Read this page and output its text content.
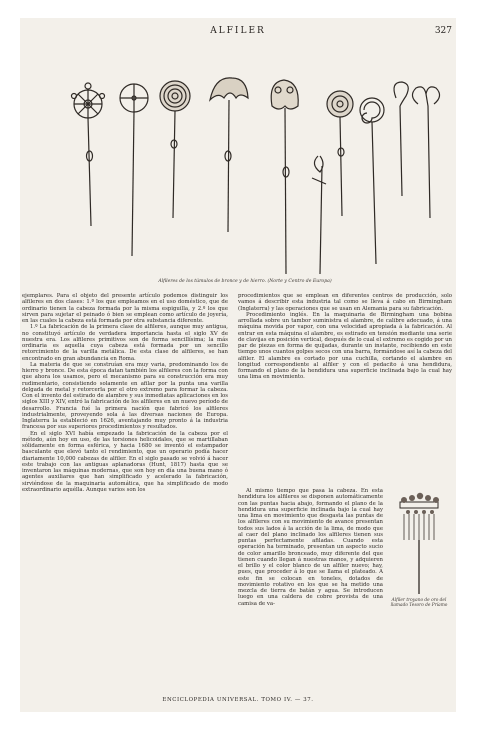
ALFILER	327
Alfileres de los túmulos de bronce y de hierro. (Norte y Centro de Europa)

ejemplares. Para el objeto del presente artículo podemos distinguir los alfileres en dos clases: 1.º los que empleamos en el uso doméstico, que de ordinario tienen la cabeza formada por la misma espiguilla, y 2.º los que sirven para sujetar el peinado ó bien se emplean como artículo de joyería, en las cuales la cabeza está formada por otra substancia diferente.

1.º La fabricación de la primera clase de alfileres, aunque muy antigua, no constituyó artículo de verdadera importancia hasta el siglo XV de nuestra era. Los alfileres primitivos son de forma sencillísima; la más ordinaria es aquella cuya cabeza está formada por un sencillo retorcimiento de la varilla metálica. De esta clase de alfileres, se han encontrado en gran abundancia en Roma.

La materia de que se construían era muy varia, predominando los de hierro y bronce. De esta época datan también los alfileres con la forma con que ahora los usamos, pero el mecanismo para su construcción era muy rudimentario, consistiendo solamente en afilar por la punta una varilla delgada de metal y retorcerla por el otro extremo para formar la cabeza. Con el invento del estirado de alambre y sus inmediatas aplicaciones en los siglos XIII y XIV, entró la fabricación de los alfileres en un nuevo período de desarrollo. Francia fué la primera nación que fabricó los alfileres industrialmente, proveyendo sola á las diversas naciones de Europa. Inglaterra la estableció en 1626, aventajando muy pronto á la industria francesa por sus superiores procedimientos y resultados.

En el siglo XVI había empezado la fabricación de la cabeza por el método, aún hoy en uso, de las torsiones helicoidales, que se martillaban sólidamente en forma esférica, y hacia 1680 se inventó el estampador basculante que elevó tanto el rendimiento, que un operario podía hacer diariamente 10,000 cabezas de alfiler. En el siglo pasado se volvió á hacer este trabajo con las antiguas aplanadoras (Hunt, 1817) hasta que se inventaron las máquinas modernas, que son hoy en día una buena mano ó agentes auxiliares que han simplificado y acelerado la fabricación, sirviéndose de la maquinaria automática, que ha simplificado de modo extraordinario aquélla. Aunque varios son los

procedimientos que se emplean en diferentes centros de producción, solo vamos á describir esta industria tal como se lleva á cabo en Birmingham (Inglaterra) y las operaciones que se usan en Alemania para su fabricación.

Procedimiento inglés. En la maquinaria de Birmingham una bobina arrollada sobre un tambor suministra el alambre, de calibre adecuado, á una máquina movida por vapor, con una velocidad apropiada á la fabricación. Al entrar en esta máquina el alambre, es estirado en tensión mediante una serie de clavijas en posición vertical, después de lo cual el extremo es cogido por un par de piezas en forma de quijadas, durante un instante, recibiendo en este tiempo unos cuantos golpes secos con una barra, formándose así la cabeza del alfiler. El alambre es cortado por una cuchilla, cortando el alambre en longitud correspondiente al alfiler y con el pedacito á una hendidura, formando el plano de la hendidura una superficie inclinada bajo la cual hay una lima en movimiento.

Al mismo tiempo que pasa la cabeza. En esta hendidura los alfileres se disponen automáticamente con las puntas hacia abajo, formando el plano de la hendidura una superficie inclinada bajo la cual hay una lima en movimiento que desgasta las puntas de los alfileres con su movimiento de avance presentan todos sus lados á la acción de la lima, de modo que al caer del plano inclinado los alfileres tienen sus puntas perfectamente afiladas. Cuando esta operación ha terminado, presentan un aspecto sucio de color amarillo bronceado, muy diferente del que tienen cuando llegan á nuestras manos, y adquieren el brillo y el color blanco de un alfiler nuevo; hay, pues, que proceder á lo que se llama el plateado. A este fin se colocan en toneles, dotados de movimiento rotativo en los que se ha metido una mezcla de tierra de batán y agua. Se introducen luego en una caldera de cobre provista de una camisa de va-	Alfiler troyano de oro del llamado Tesoro de Príamo
ENCICLOPEDIA UNIVERSAL. TOMO IV. — 37.
